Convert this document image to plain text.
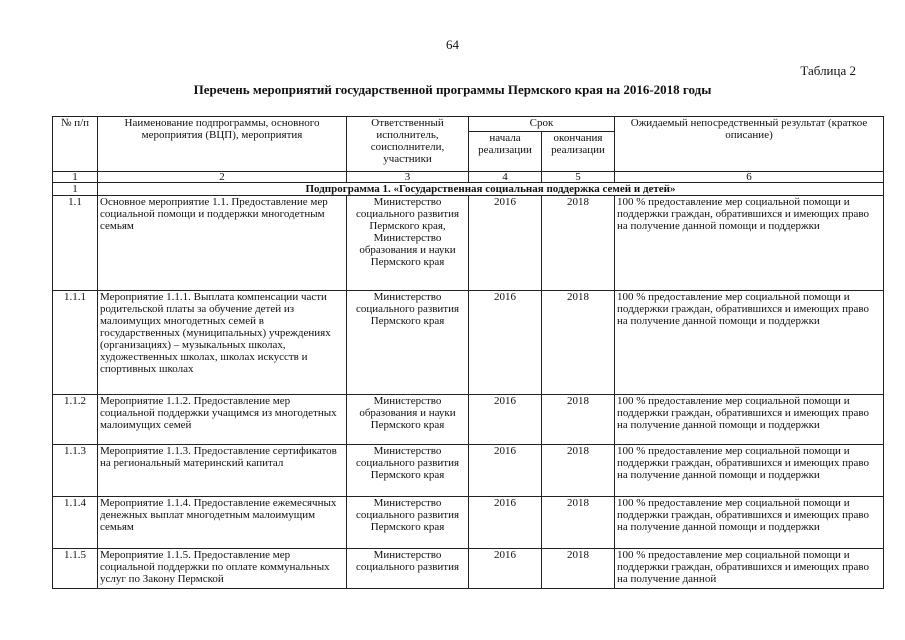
64
Таблица 2
Перечень мероприятий государственной программы Пермского края на 2016-2018 годы
№ п/п	Наименование подпрограммы, основного мероприятия (ВЦП), мероприятия	Ответственный исполнитель, соисполнители, участники	Срок		Ожидаемый непосредственный результат (краткое описание)
			начала реализации	окончания реализации	
1	2	3	4	5	6
1	Подпрограмма 1. «Государственная социальная поддержка семей и детей»				
1.1	Основное мероприятие 1.1. Предоставление мер социальной помощи и поддержки многодетным семьям	Министерство социального развития Пермского края, Министерство образования и науки Пермского края	2016	2018	100 % предоставление мер социальной помощи и поддержки граждан, обратившихся и имеющих право на получение данной помощи и поддержки
1.1.1	Мероприятие 1.1.1. Выплата компенсации части родительской платы за обучение детей из малоимущих многодетных семей в государственных (муниципальных) учреждениях (организациях) – музыкальных школах, художественных школах, школах искусств и спортивных школах	Министерство социального развития Пермского края	2016	2018	100 % предоставление мер социальной помощи и поддержки граждан, обратившихся и имеющих право на получение данной помощи и поддержки
1.1.2	Мероприятие 1.1.2. Предоставление мер социальной поддержки учащимся из многодетных малоимущих семей	Министерство образования и науки Пермского края	2016	2018	100 % предоставление мер социальной помощи и поддержки граждан, обратившихся и имеющих право на получение данной помощи и поддержки
1.1.3	Мероприятие 1.1.3. Предоставление сертификатов на региональный материнский капитал	Министерство социального развития Пермского края	2016	2018	100 % предоставление мер социальной помощи и поддержки граждан, обратившихся и имеющих право на получение данной помощи и поддержки
1.1.4	Мероприятие 1.1.4. Предоставление ежемесячных денежных выплат многодетным малоимущим семьям	Министерство социального развития Пермского края	2016	2018	100 % предоставление мер социальной помощи и поддержки граждан, обратившихся и имеющих право на получение данной помощи и поддержки
1.1.5	Мероприятие 1.1.5. Предоставление мер социальной поддержки по оплате коммунальных услуг по Закону Пермской	Министерство социального развития	2016	2018	100 % предоставление мер социальной помощи и поддержки граждан, обратившихся и имеющих право на получение данной
